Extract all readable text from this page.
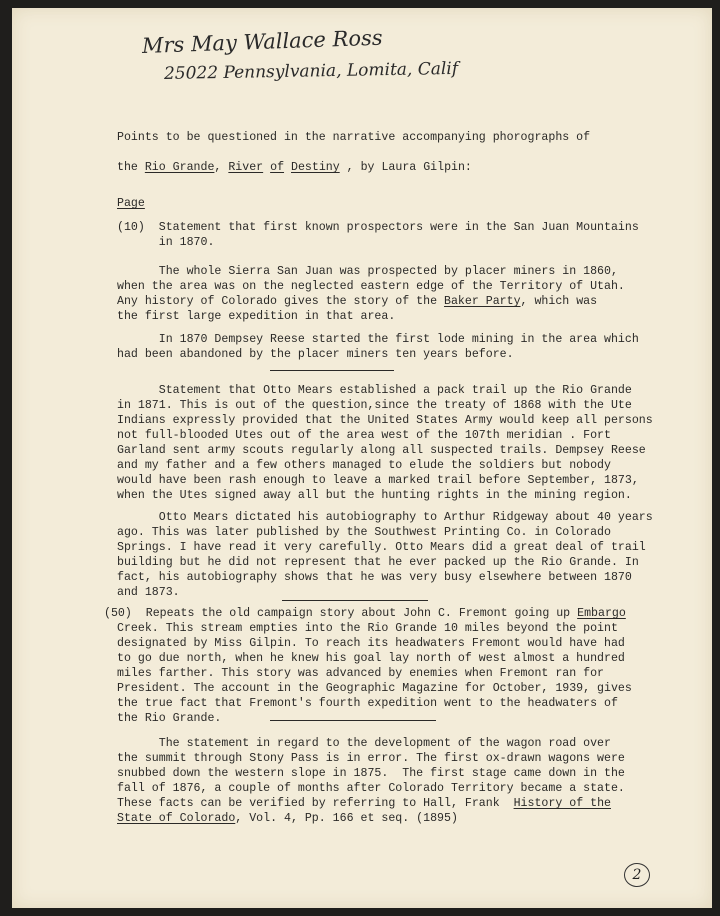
Mrs May Wallace Ross
25022 Pennsylvania, Lomita, Calif

Points to be questioned in the narrative accompanying phorographs of

the Rio Grande, River of Destiny , by Laura Gilpin:

Page

(10)  Statement that first known prospectors were in the San Juan Mountains

in 1870.

The whole Sierra San Juan was prospected by placer miners in 1860,

when the area was on the neglected eastern edge of the Territory of Utah.

Any history of Colorado gives the story of the Baker Party, which was

the first large expedition in that area.

In 1870 Dempsey Reese started the first lode mining in the area which

had been abandoned by the placer miners ten years before.

Statement that Otto Mears established a pack trail up the Rio Grande

in 1871. This is out of the question,since the treaty of 1868 with the Ute

Indians expressly provided that the United States Army would keep all persons

not full-blooded Utes out of the area west of the 107th meridian . Fort

Garland sent army scouts regularly along all suspected trails. Dempsey Reese

and my father and a few others managed to elude the soldiers but nobody

would have been rash enough to leave a marked trail before September, 1873,

when the Utes signed away all but the hunting rights in the mining region.

Otto Mears dictated his autobiography to Arthur Ridgeway about 40 years

ago. This was later published by the Southwest Printing Co. in Colorado

Springs. I have read it very carefully. Otto Mears did a great deal of trail

building but he did not represent that he ever packed up the Rio Grande. In

fact, his autobiography shows that he was very busy elsewhere between 1870

and 1873.

(50)  Repeats the old campaign story about John C. Fremont going up Embargo

Creek. This stream empties into the Rio Grande 10 miles beyond the point

designated by Miss Gilpin. To reach its headwaters Fremont would have had

to go due north, when he knew his goal lay north of west almost a hundred

miles farther. This story was advanced by enemies when Fremont ran for

President. The account in the Geographic Magazine for October, 1939, gives

the true fact that Fremont's fourth expedition went to the headwaters of

the Rio Grande.

The statement in regard to the development of the wagon road over

the summit through Stony Pass is in error. The first ox-drawn wagons were

snubbed down the western slope in 1875.  The first stage came down in the

fall of 1876, a couple of months after Colorado Territory became a state.

These facts can be verified by referring to Hall, Frank  History of the

State of Colorado, Vol. 4, Pp. 166 et seq. (1895)

2
